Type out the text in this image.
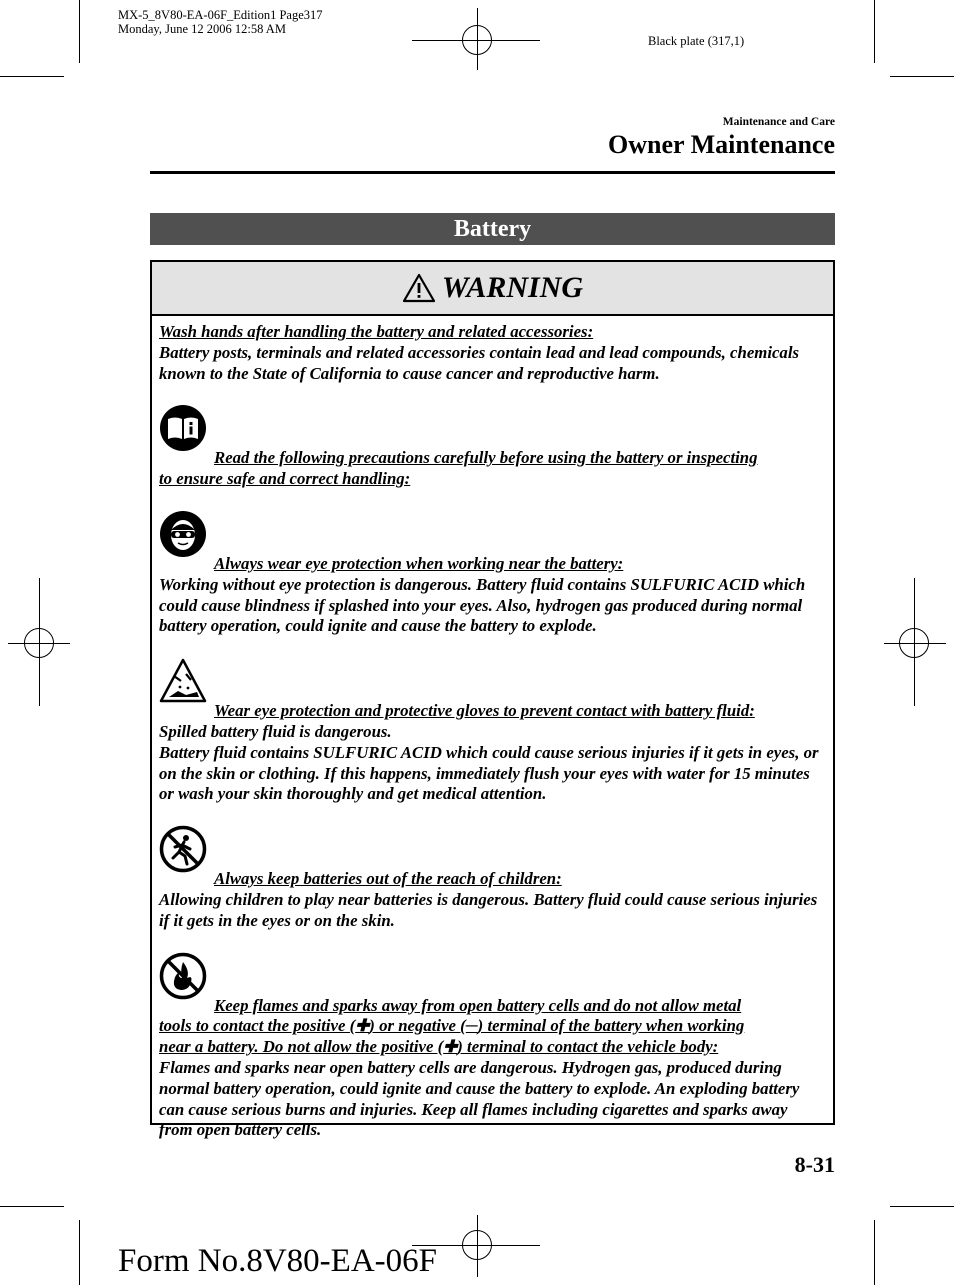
MX-5_8V80-EA-06F_Edition1 Page317
Monday, June 12 2006 12:58 AM
Black plate (317,1)
Maintenance and Care
Owner Maintenance
Battery
WARNING

Wash hands after handling the battery and related accessories:

Battery posts, terminals and related accessories contain lead and lead compounds, chemicals known to the State of California to cause cancer and reproductive harm.

Read the following precautions carefully before using the battery or inspecting

to ensure safe and correct handling:

Always wear eye protection when working near the battery:

Working without eye protection is dangerous. Battery fluid contains SULFURIC ACID which could cause blindness if splashed into your eyes. Also, hydrogen gas produced during normal battery operation, could ignite and cause the battery to explode.

Wear eye protection and protective gloves to prevent contact with battery fluid:

Spilled battery fluid is dangerous.

Battery fluid contains SULFURIC ACID which could cause serious injuries if it gets in eyes, or on the skin or clothing. If this happens, immediately flush your eyes with water for 15 minutes or wash your skin thoroughly and get medical attention.

Always keep batteries out of the reach of children:

Allowing children to play near batteries is dangerous. Battery fluid could cause serious injuries if it gets in the eyes or on the skin.

Keep flames and sparks away from open battery cells and do not allow metal

tools to contact the positive (✚) or negative (─) terminal of the battery when working

near a battery. Do not allow the positive (✚) terminal to contact the vehicle body:

Flames and sparks near open battery cells are dangerous. Hydrogen gas, produced during normal battery operation, could ignite and cause the battery to explode. An exploding battery can cause serious burns and injuries. Keep all flames including cigarettes and sparks away from open battery cells.

8-31
Form No.8V80-EA-06F
